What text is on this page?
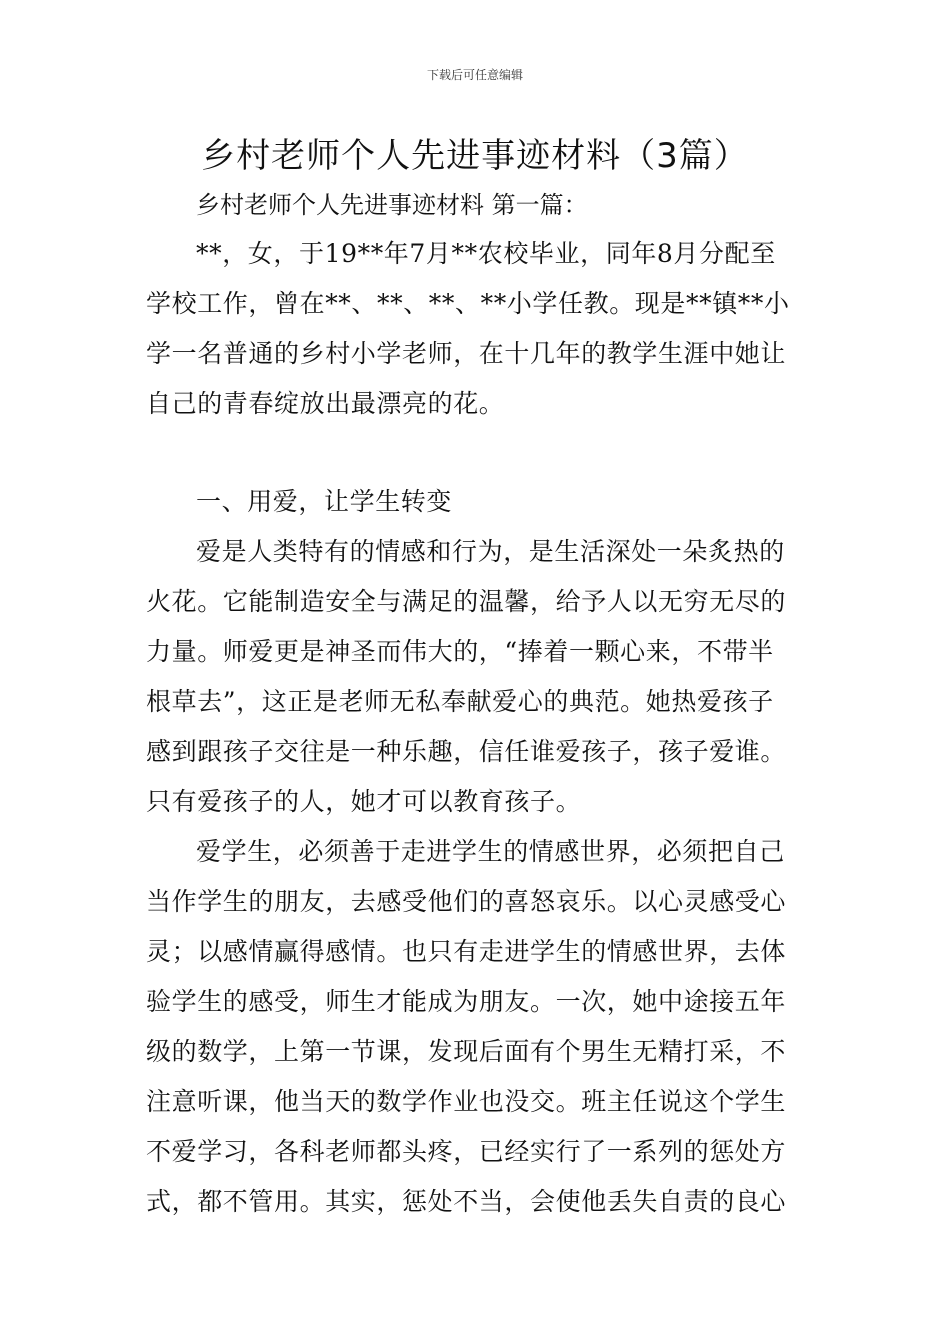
下载后可任意编辑
乡村老师个人先进事迹材料（3篇）
乡村老师个人先进事迹材料 第一篇：
**，女，于19**年7月**农校毕业，同年8月分配至
学校工作，曾在**、**、**、**小学任教。现是**镇**小
学一名普通的乡村小学老师，在十几年的教学生涯中她让
自己的青春绽放出最漂亮的花。
一、用爱，让学生转变
爱是人类特有的情感和行为，是生活深处一朵炙热的
火花。它能制造安全与满足的温馨，给予人以无穷无尽的
力量。师爱更是神圣而伟大的，“捧着一颗心来，不带半
根草去”，这正是老师无私奉献爱心的典范。她热爱孩子
感到跟孩子交往是一种乐趣，信任谁爱孩子，孩子爱谁。
只有爱孩子的人，她才可以教育孩子。
爱学生，必须善于走进学生的情感世界，必须把自己
当作学生的朋友，去感受他们的喜怒哀乐。以心灵感受心
灵；以感情赢得感情。也只有走进学生的情感世界，去体
验学生的感受，师生才能成为朋友。一次，她中途接五年
级的数学，上第一节课，发现后面有个男生无精打采，不
注意听课，他当天的数学作业也没交。班主任说这个学生
不爱学习，各科老师都头疼，已经实行了一系列的惩处方
式，都不管用。其实，惩处不当，会使他丢失自责的良心
